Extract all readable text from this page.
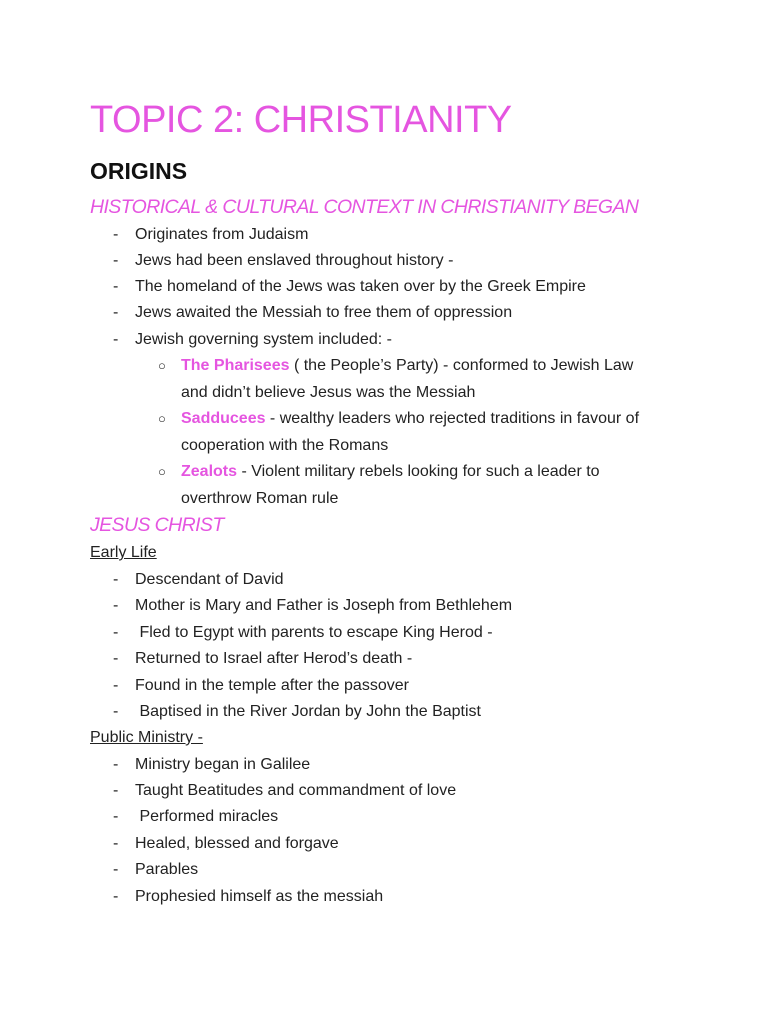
TOPIC 2: CHRISTIANITY
ORIGINS
HISTORICAL & CULTURAL CONTEXT IN CHRISTIANITY BEGAN
- Originates from Judaism
- Jews had been enslaved throughout history -
- The homeland of the Jews was taken over by the Greek Empire
- Jews awaited the Messiah to free them of oppression
- Jewish governing system included: -
○ The Pharisees ( the People’s Party) - conformed to Jewish Law
and didn’t believe Jesus was the Messiah
○ Sadducees - wealthy leaders who rejected traditions in favour of
cooperation with the Romans
○ Zealots - Violent military rebels looking for such a leader to
overthrow Roman rule
JESUS CHRIST
Early Life
- Descendant of David
- Mother is Mary and Father is Joseph from Bethlehem
- Fled to Egypt with parents to escape King Herod -
- Returned to Israel after Herod’s death -
- Found in the temple after the passover
- Baptised in the River Jordan by John the Baptist
Public Ministry -
- Ministry began in Galilee
- Taught Beatitudes and commandment of love
- Performed miracles
- Healed, blessed and forgave
- Parables
- Prophesied himself as the messiah
